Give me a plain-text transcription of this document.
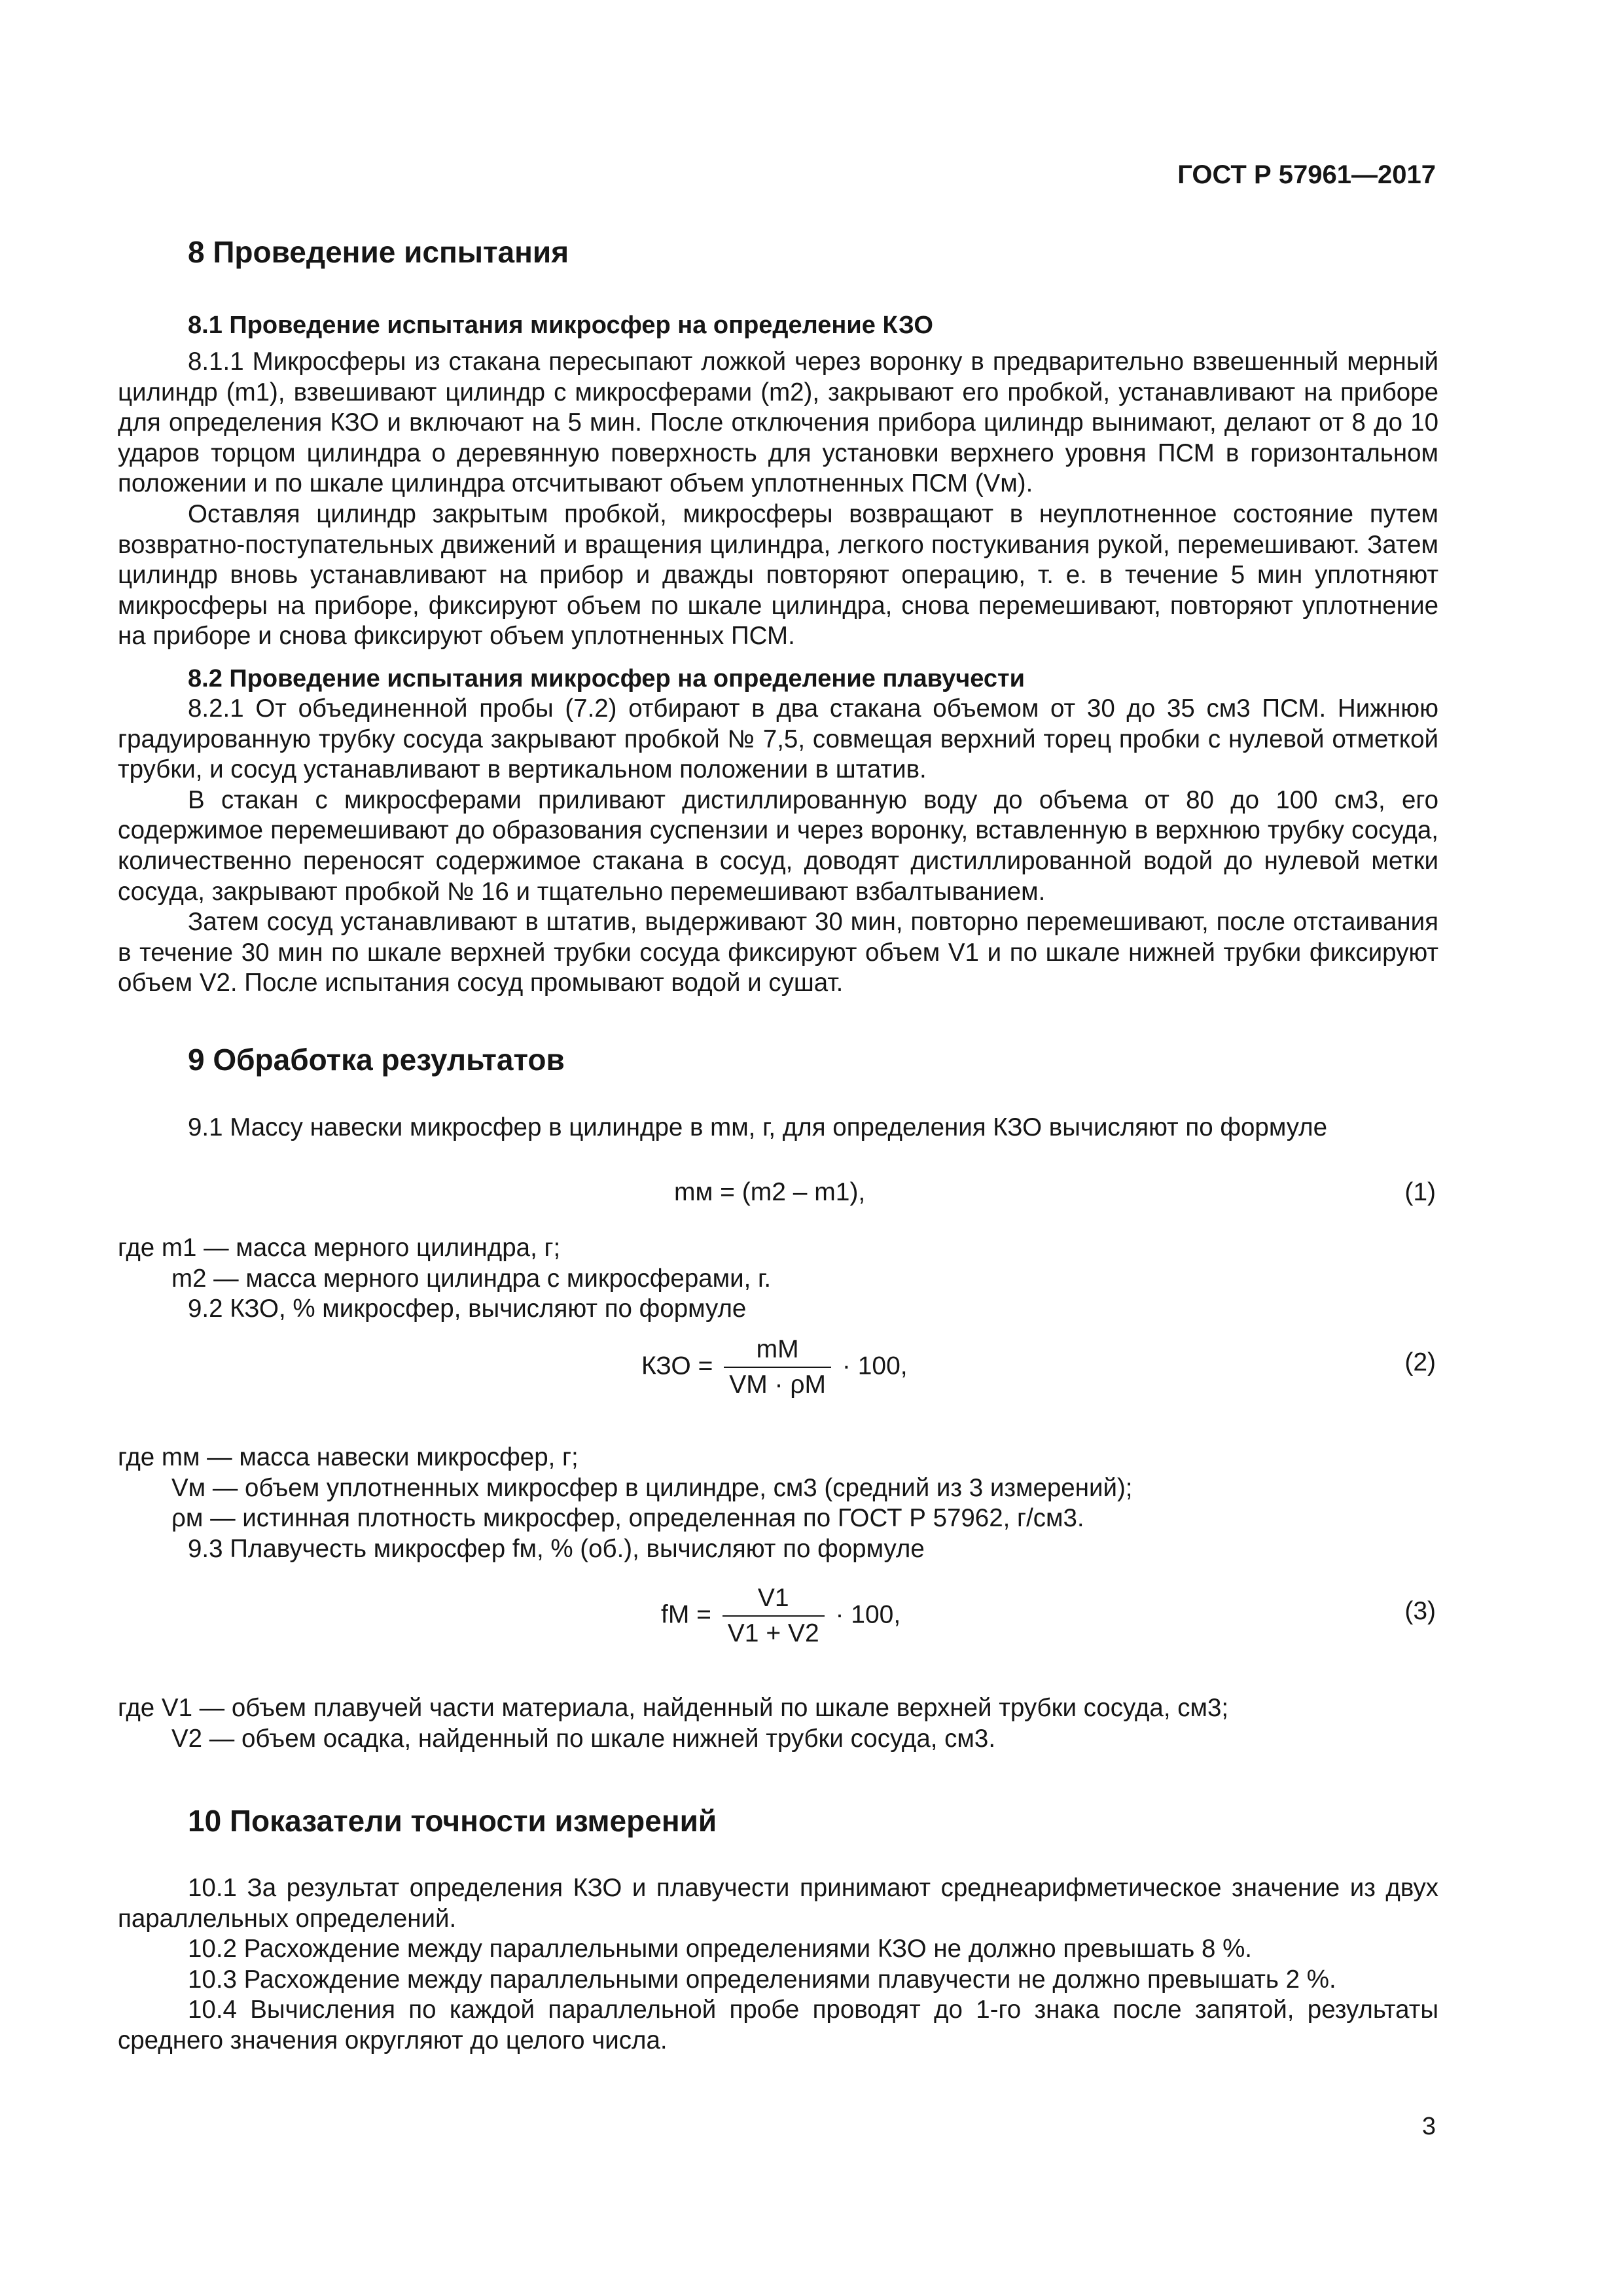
ГОСТ Р 57961—2017
8 Проведение испытания
8.1 Проведение испытания микросфер на определение КЗО

8.1.1 Микросферы из стакана пересыпают ложкой через воронку в предварительно взвешенный мерный цилиндр (m1), взвешивают цилиндр с микросферами (m2), закрывают его пробкой, устанавливают на приборе для определения КЗО и включают на 5 мин. После отключения прибора цилиндр вынимают, делают от 8 до 10 ударов торцом цилиндра о деревянную поверхность для установки верхнего уровня ПСМ в горизонтальном положении и по шкале цилиндра отсчитывают объем уплотненных ПСМ (Vм).

Оставляя цилиндр закрытым пробкой, микросферы возвращают в неуплотненное состояние путем возвратно-поступательных движений и вращения цилиндра, легкого постукивания рукой, перемешивают. Затем цилиндр вновь устанавливают на прибор и дважды повторяют операцию, т. е. в течение 5 мин уплотняют микросферы на приборе, фиксируют объем по шкале цилиндра, снова перемешивают, повторяют уплотнение на приборе и снова фиксируют объем уплотненных ПСМ.

8.2 Проведение испытания микросфер на определение плавучести

8.2.1 От объединенной пробы (7.2) отбирают в два стакана объемом от 30 до 35 см3 ПСМ. Нижнюю градуированную трубку сосуда закрывают пробкой № 7,5, совмещая верхний торец пробки с нулевой отметкой трубки, и сосуд устанавливают в вертикальном положении в штатив.

В стакан с микросферами приливают дистиллированную воду до объема от 80 до 100 см3, его содержимое перемешивают до образования суспензии и через воронку, вставленную в верхнюю трубку сосуда, количественно переносят содержимое стакана в сосуд, доводят дистиллированной водой до нулевой метки сосуда, закрывают пробкой № 16 и тщательно перемешивают взбалтыванием.

Затем сосуд устанавливают в штатив, выдерживают 30 мин, повторно перемешивают, после отстаивания в течение 30 мин по шкале верхней трубки сосуда фиксируют объем V1 и по шкале нижней трубки фиксируют объем V2. После испытания сосуд промывают водой и сушат.

9 Обработка результатов

9.1 Массу навески микросфер в цилиндре в mм, г, для определения КЗО вычисляют по формуле

mм = (m2 – m1),	(1)
где m1 — масса мерного цилиндра, г;
m2 — масса мерного цилиндра с микросферами, г.
9.2 КЗО, % микросфер, вычисляют по формуле
КЗО = $\frac{mM}{VM \cdot \rho M} \cdot 100$,	(2)
где mм — масса навески микросфер, г;
Vм — объем уплотненных микросфер в цилиндре, см3 (средний из 3 измерений);
ρм — истинная плотность микросфер, определенная по ГОСТ Р 57962, г/см3.
9.3 Плавучесть микросфер fм, % (об.), вычисляют по формуле
fM = $\frac{V1}{V1 + V2} \cdot 100$,	(3)
где V1 — объем плавучей части материала, найденный по шкале верхней трубки сосуда, см3;
V2 — объем осадка, найденный по шкале нижней трубки сосуда, см3.
10 Показатели точности измерений

10.1 За результат определения КЗО и плавучести принимают среднеарифметическое значение из двух параллельных определений.

10.2 Расхождение между параллельными определениями КЗО не должно превышать 8 %.

10.3 Расхождение между параллельными определениями плавучести не должно превышать 2 %.

10.4 Вычисления по каждой параллельной пробе проводят до 1-го знака после запятой, результаты среднего значения округляют до целого числа.

3
